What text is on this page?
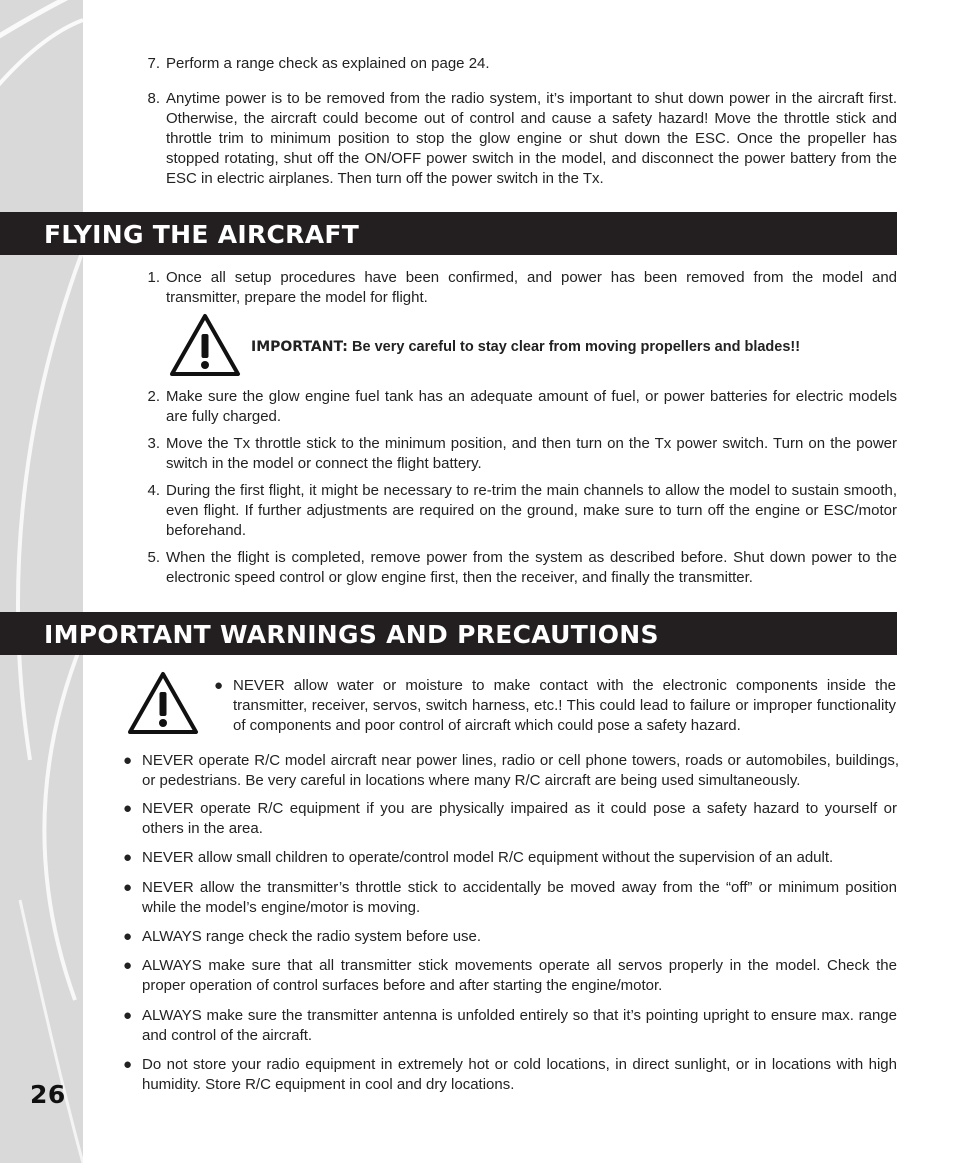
26
7. Perform a range check as explained on page 24.
8. Anytime power is to be removed from the radio system, it’s important to shut down power in the aircraft first. Otherwise, the aircraft could become out of control and cause a safety hazard! Move the throttle stick and throttle trim to minimum position to stop the glow engine or shut down the ESC. Once the propeller has stopped rotating, shut off the ON/OFF power switch in the model, and disconnect the power battery from the ESC in electric airplanes. Then turn off the power switch in the Tx.
FLYING THE AIRCRAFT
1. Once all setup procedures have been confirmed, and power has been removed from the model and transmitter, prepare the model for flight.
IMPORTANT: Be very careful to stay clear from moving propellers and blades!!
2. Make sure the glow engine fuel tank has an adequate amount of fuel, or power batteries for electric models are fully charged.
3. Move the Tx throttle stick to the minimum position, and then turn on the Tx power switch. Turn on the power switch in the model or connect the flight battery.
4. During the first flight, it might be necessary to re-trim the main channels to allow the model to sustain smooth, even flight. If further adjustments are required on the ground, make sure to turn off the engine or ESC/motor beforehand.
5. When the flight is completed, remove power from the system as described before. Shut down power to the electronic speed control or glow engine first, then the receiver, and finally the transmitter.
IMPORTANT WARNINGS AND PRECAUTIONS
● NEVER allow water or moisture to make contact with the electronic components inside the transmitter, receiver, servos, switch harness, etc.! This could lead to failure or improper functionality of components and poor control of aircraft which could pose a safety hazard.
● NEVER operate R/C model aircraft near power lines, radio or cell phone towers, roads or automobiles, buildings, or pedestrians. Be very careful in locations where many R/C aircraft are being used simultaneously.
● NEVER operate R/C equipment if you are physically impaired as it could pose a safety hazard to yourself or others in the area.
● NEVER allow small children to operate/control model R/C equipment without the supervision of an adult.
● NEVER allow the transmitter’s throttle stick to accidentally be moved away from the “off” or minimum position while the model’s engine/motor is moving.
● ALWAYS range check the radio system before use.
● ALWAYS make sure that all transmitter stick movements operate all servos properly in the model. Check the proper operation of control surfaces before and after starting the engine/motor.
● ALWAYS make sure the transmitter antenna is unfolded entirely so that it’s pointing upright to ensure max. range and control of the aircraft.
● Do not store your radio equipment in extremely hot or cold locations, in direct sunlight, or in locations with high humidity. Store R/C equipment in cool and dry locations.
